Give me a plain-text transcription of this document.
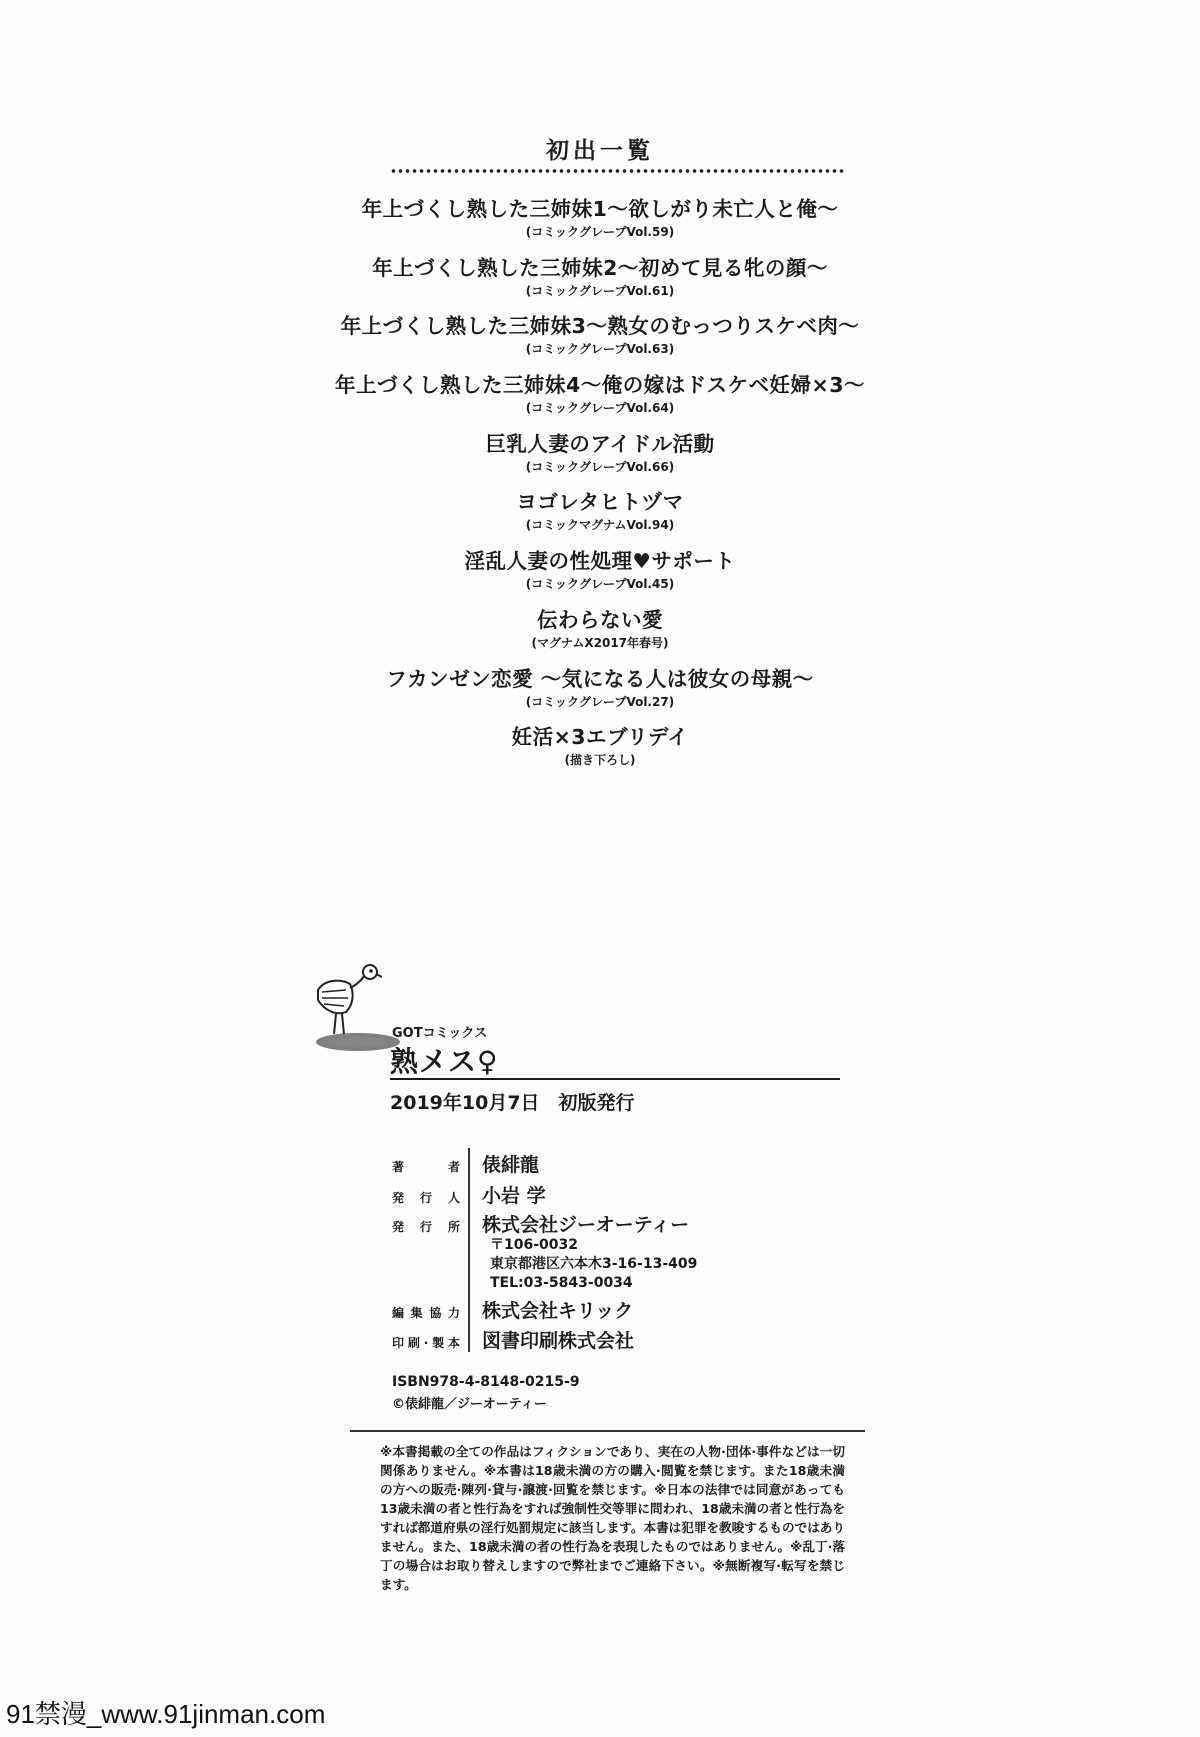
初出一覧
年上づくし熟した三姉妹1～欲しがり未亡人と俺～
(コミックグレープVol.59)
年上づくし熟した三姉妹2～初めて見る牝の顔～
(コミックグレープVol.61)
年上づくし熟した三姉妹3～熟女のむっつりスケベ肉～
(コミックグレープVol.63)
年上づくし熟した三姉妹4～俺の嫁はドスケベ妊婦×3～
(コミックグレープVol.64)
巨乳人妻のアイドル活動
(コミックグレープVol.66)
ヨゴレタヒトヅマ
(コミックマグナムVol.94)
淫乱人妻の性処理♥サポート
(コミックグレープVol.45)
伝わらない愛
(マグナムX2017年春号)
フカンゼン恋愛 ～気になる人は彼女の母親～
(コミックグレープVol.27)
妊活×3エブリデイ
(描き下ろし)
GOTコミックス
熟メス♀
2019年10月7日　初版発行
著　者 俵緋龍
発行人 小岩 学
発行所 株式会社ジーオーティー
〒106-0032
東京都港区六本木3-16-13-409
TEL:03-5843-0034
編集協力 株式会社キリック
印刷·製本 図書印刷株式会社
ISBN978-4-8148-0215-9
©俵緋龍／ジーオーティー
※本書掲載の全ての作品はフィクションであり、実在の人物·団体·事件などは一切関係ありません。※本書は18歳未満の方の購入·閲覧を禁じます。また18歳未満の方への販売·陳列·貸与·譲渡·回覧を禁じます。※日本の法律では同意があっても13歳未満の者と性行為をすれば強制性交等罪に問われ、18歳未満の者と性行為をすれば都道府県の淫行処罰規定に該当します。本書は犯罪を教唆するものではありません。また、18歳未満の者の性行為を表現したものではありません。※乱丁·落丁の場合はお取り替えしますので弊社までご連絡下さい。※無断複写·転写を禁じます。
91禁漫_www.91jinman.com
